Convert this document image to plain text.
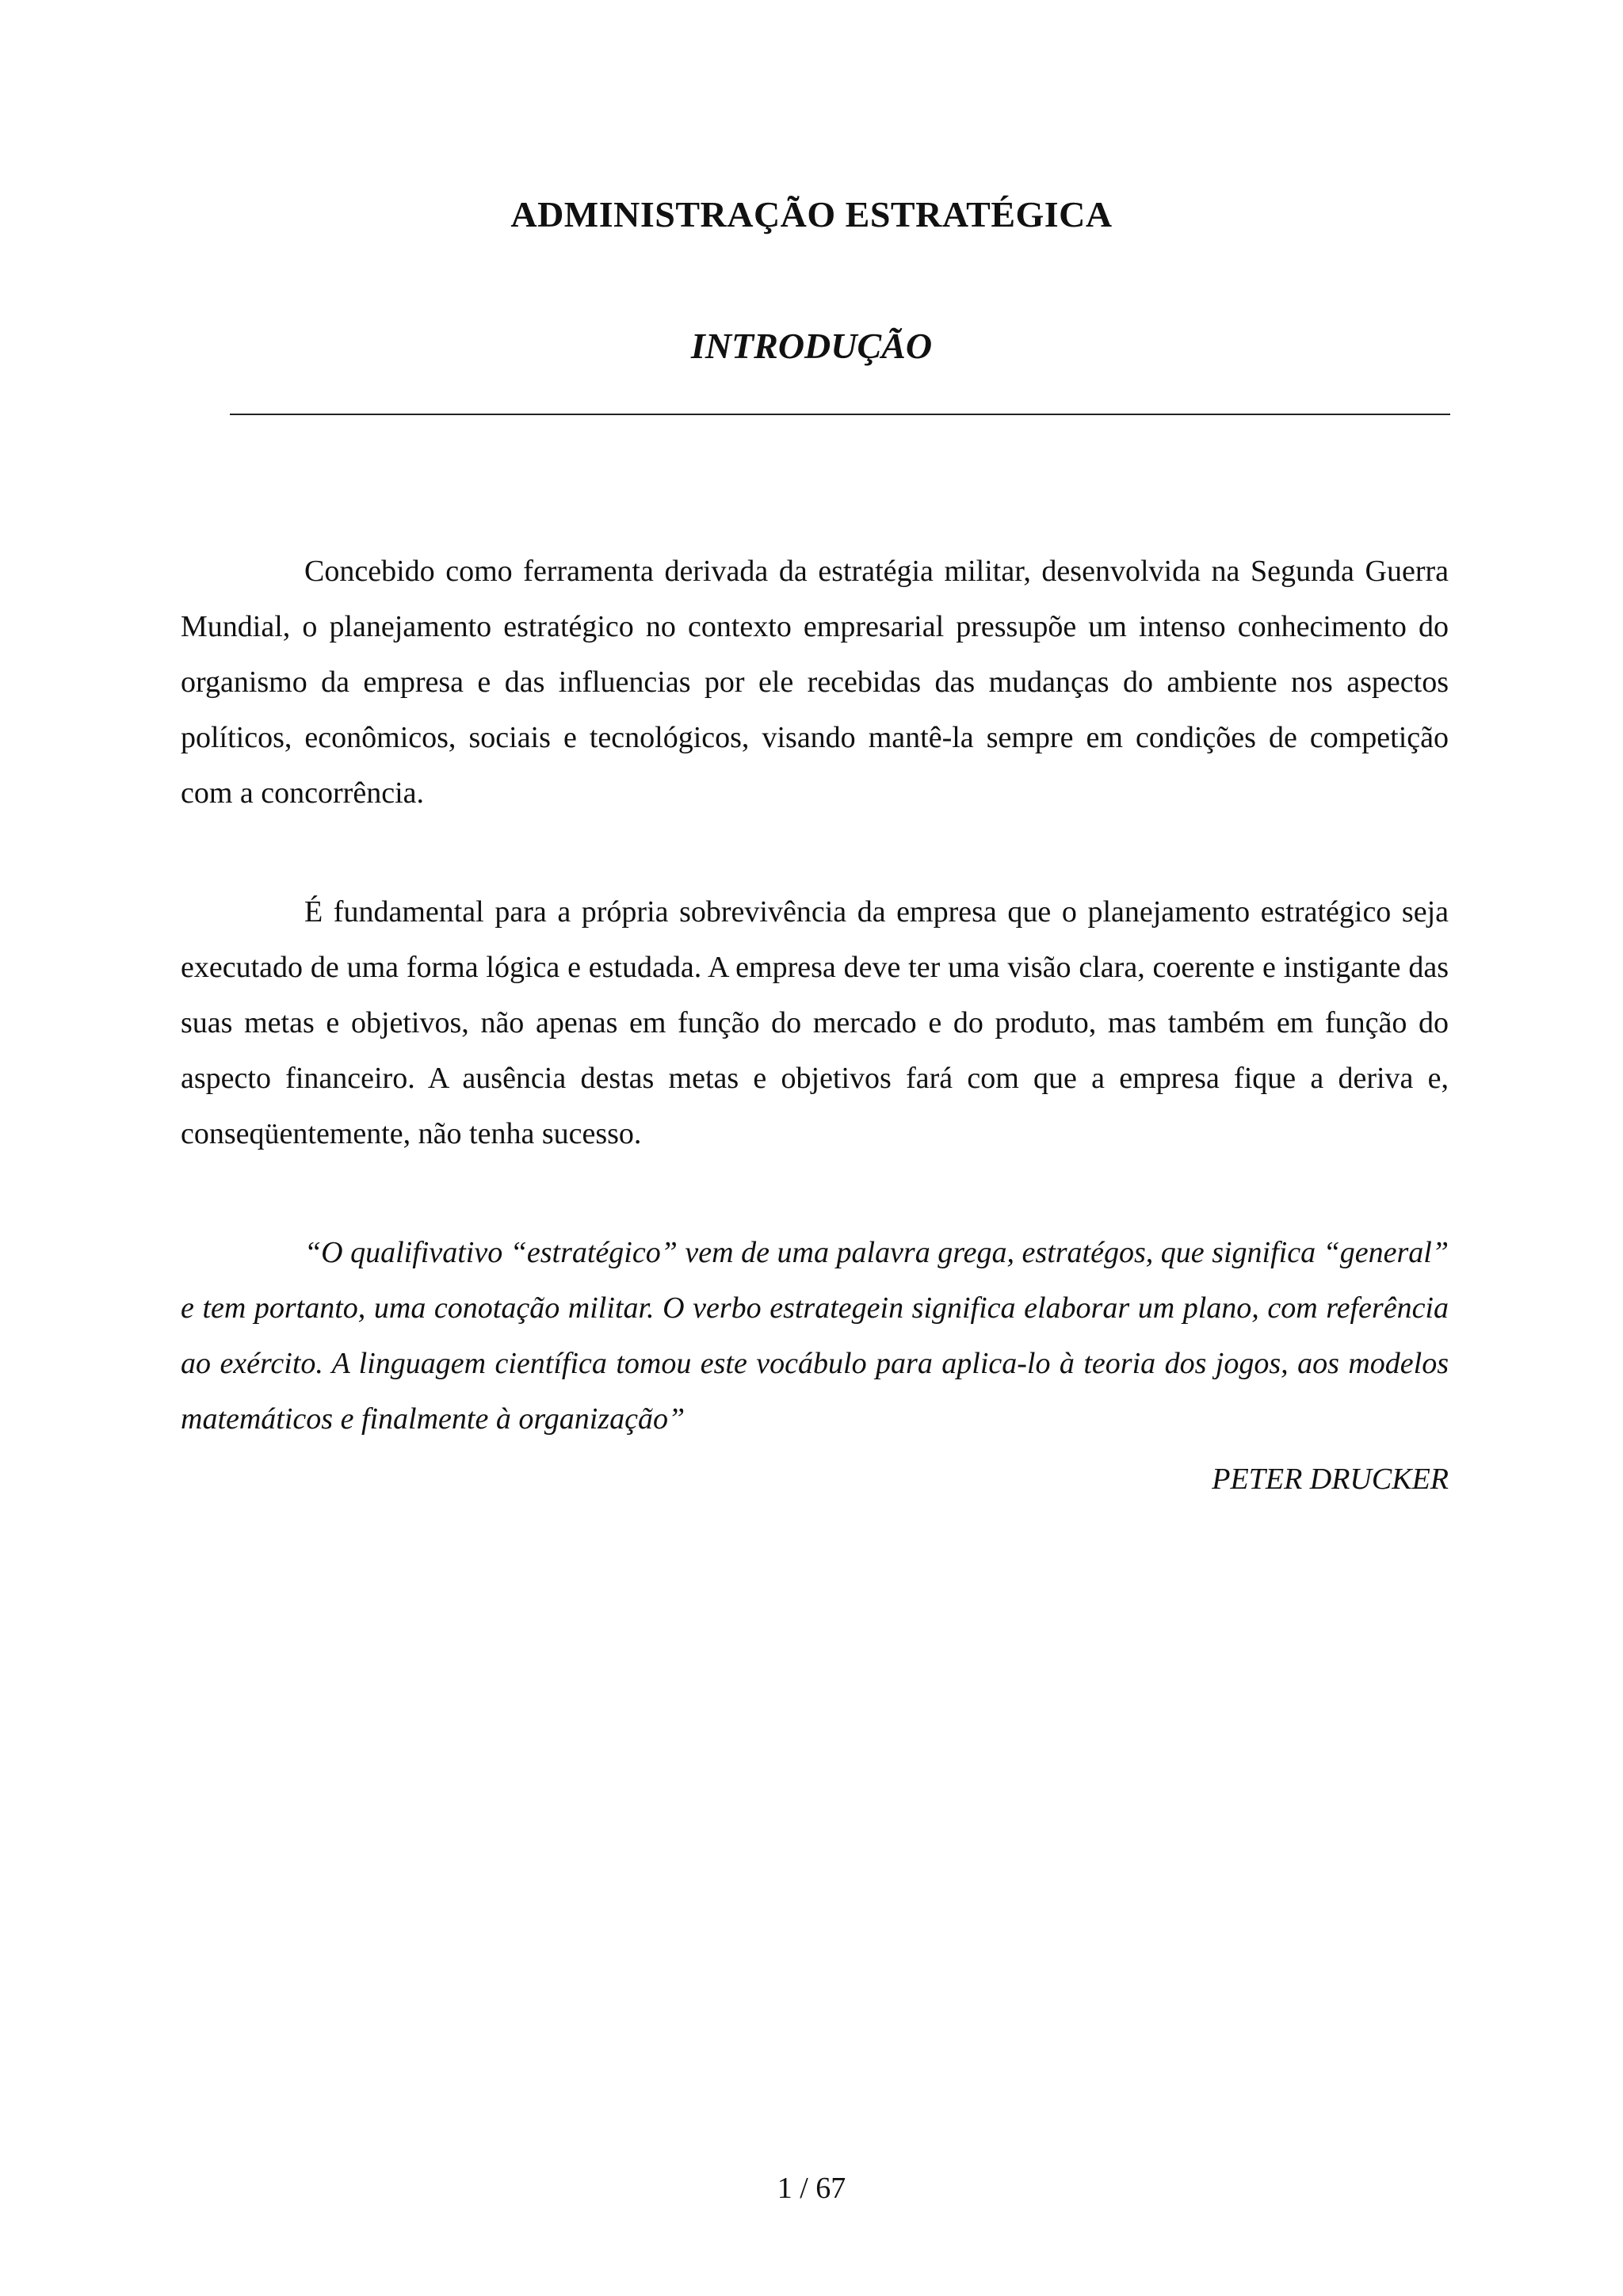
ADMINISTRAÇÃO ESTRATÉGICA
INTRODUÇÃO

Concebido como ferramenta derivada da estratégia militar, desenvolvida na Segunda Guerra Mundial, o planejamento estratégico no contexto empresarial pressupõe um intenso conhecimento do organismo da empresa e das influencias por ele recebidas das mudanças do ambiente nos aspectos políticos, econômicos, sociais e tecnológicos, visando mantê-la sempre em condições de competição com a concorrência.

É fundamental para a própria sobrevivência da empresa que o planejamento estratégico seja executado de uma forma lógica e estudada. A empresa deve ter uma visão clara, coerente e instigante das suas metas e objetivos, não apenas em função do mercado e do produto, mas também em função do aspecto financeiro. A ausência destas metas e objetivos fará com que a empresa fique a deriva e, conseqüentemente, não tenha sucesso.

“O qualifivativo “estratégico” vem de uma palavra grega, estratégos, que significa “general” e tem portanto, uma conotação militar. O verbo estrategein significa elaborar um plano, com referência ao exército. A linguagem científica tomou este vocábulo para aplica-lo à teoria dos jogos, aos modelos matemáticos e finalmente à organização”

PETER DRUCKER

1 / 67
